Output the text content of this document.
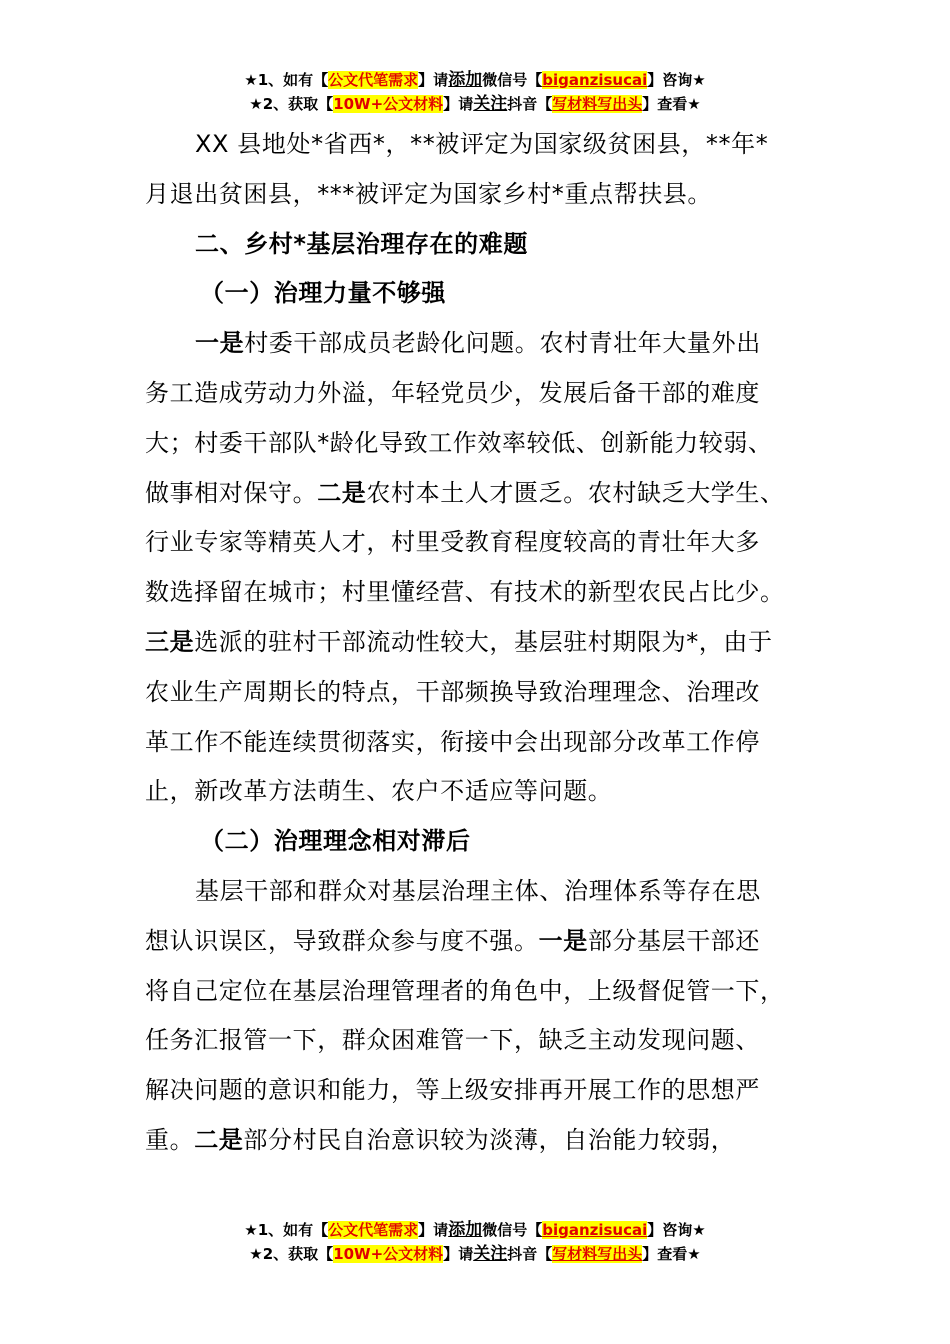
★1、如有【公文代笔需求】请添加微信号【biganzisucai】咨询★
★2、获取【10W+公文材料】请关注抖音【写材料写出头】查看★
XX 县地处*省西*，**被评定为国家级贫困县，**年*
月退出贫困县，***被评定为国家乡村*重点帮扶县。
二、乡村*基层治理存在的难题
（一）治理力量不够强
一是村委干部成员老龄化问题。农村青壮年大量外出
务工造成劳动力外溢，年轻党员少，发展后备干部的难度
大；村委干部队*龄化导致工作效率较低、创新能力较弱、
做事相对保守。二是农村本土人才匮乏。农村缺乏大学生、
行业专家等精英人才，村里受教育程度较高的青壮年大多
数选择留在城市；村里懂经营、有技术的新型农民占比少。
三是选派的驻村干部流动性较大，基层驻村期限为*，由于
农业生产周期长的特点，干部频换导致治理理念、治理改
革工作不能连续贯彻落实，衔接中会出现部分改革工作停
止，新改革方法萌生、农户不适应等问题。
（二）治理理念相对滞后
基层干部和群众对基层治理主体、治理体系等存在思
想认识误区，导致群众参与度不强。一是部分基层干部还
将自己定位在基层治理管理者的角色中，上级督促管一下，
任务汇报管一下，群众困难管一下，缺乏主动发现问题、
解决问题的意识和能力，等上级安排再开展工作的思想严
重。二是部分村民自治意识较为淡薄，自治能力较弱，
★1、如有【公文代笔需求】请添加微信号【biganzisucai】咨询★
★2、获取【10W+公文材料】请关注抖音【写材料写出头】查看★
